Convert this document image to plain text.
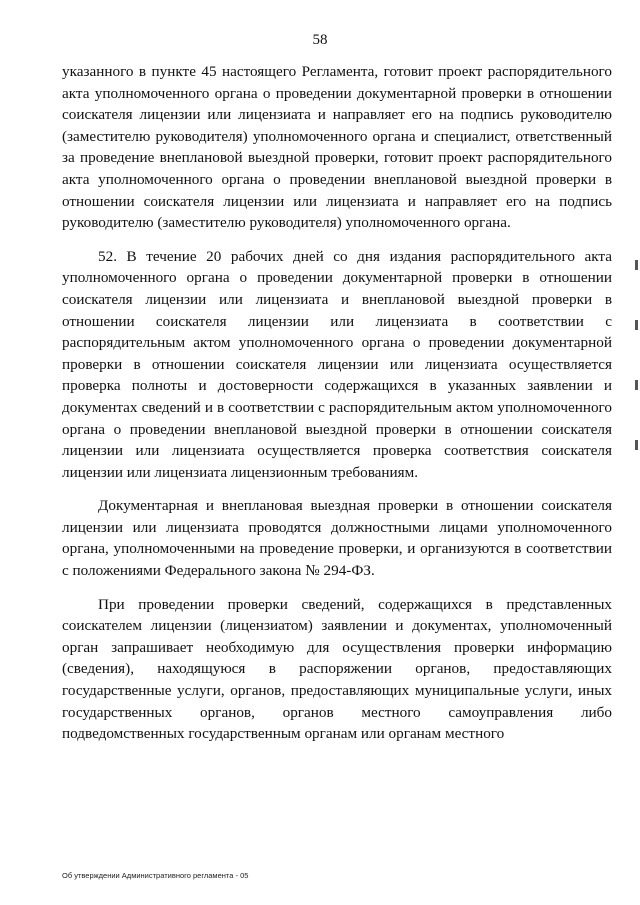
58

указанного в пункте 45 настоящего Регламента, готовит проект распорядительного акта уполномоченного органа о проведении документарной проверки в отношении соискателя лицензии или лицензиата и направляет его на подпись руководителю (заместителю руководителя) уполномоченного органа и специалист, ответственный за проведение внеплановой выездной проверки, готовит проект распорядительного акта уполномоченного органа о проведении внеплановой выездной проверки в отношении соискателя лицензии или лицензиата и направляет его на подпись руководителю (заместителю руководителя) уполномоченного органа.

52. В течение 20 рабочих дней со дня издания распорядительного акта уполномоченного органа о проведении документарной проверки в отношении соискателя лицензии или лицензиата и внеплановой выездной проверки в отношении соискателя лицензии или лицензиата в соответствии с распорядительным актом уполномоченного органа о проведении документарной проверки в отношении соискателя лицензии или лицензиата осуществляется проверка полноты и достоверности содержащихся в указанных заявлении и документах сведений и в соответствии с распорядительным актом уполномоченного органа о проведении внеплановой выездной проверки в отношении соискателя лицензии или лицензиата осуществляется проверка соответствия соискателя лицензии или лицензиата лицензионным требованиям.

Документарная и внеплановая выездная проверки в отношении соискателя лицензии или лицензиата проводятся должностными лицами уполномоченного органа, уполномоченными на проведение проверки, и организуются в соответствии с положениями Федерального закона № 294-ФЗ.

При проведении проверки сведений, содержащихся в представленных соискателем лицензии (лицензиатом) заявлении и документах, уполномоченный орган запрашивает необходимую для осуществления проверки информацию (сведения), находящуюся в распоряжении органов, предоставляющих государственные услуги, органов, предоставляющих муниципальные услуги, иных государственных органов, органов местного самоуправления либо подведомственных государственным органам или органам местного

Об утверждении Административного регламента - 05
